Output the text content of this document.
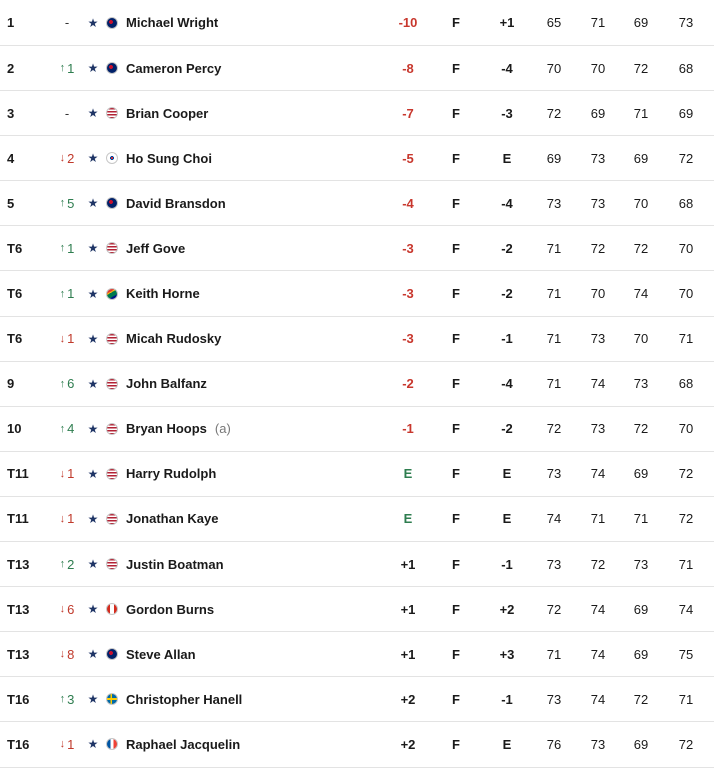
1	-	★ Michael Wright	-10	F	+1	65	71	69	73
2	↑ 1 ★ Cameron Percy	-8	F	-4	70	70	72	68
3	-	★ Brian Cooper	-7	F	-3	72	69	71	69
4	↓ 2 ★ Ho Sung Choi	-5	F	E	69	73	69	72
5	↑ 5 ★ David Bransdon	-4	F	-4	73	73	70	68
T6	↑ 1 ★ Jeff Gove	-3	F	-2	71	72	72	70
T6	↑ 1 ★ Keith Horne	-3	F	-2	71	70	74	70
T6	↓ 1 ★ Micah Rudosky	-3	F	-1	71	73	70	71
9	↑ 6 ★ John Balfanz	-2	F	-4	71	74	73	68
10	↑ 4 ★ Bryan Hoops (a)	-1	F	-2	72	73	72	70
T11	↓ 1 ★ Harry Rudolph	E	F	E	73	74	69	72
T11	↓ 1 ★ Jonathan Kaye	E	F	E	74	71	71	72
T13	↑ 2 ★ Justin Boatman	+1	F	-1	73	72	73	71
T13	↓ 6 ★ Gordon Burns	+1	F	+2	72	74	69	74
T13	↓ 8 ★ Steve Allan	+1	F	+3	71	74	69	75
T16	↑ 3 ★ Christopher Hanell	+2	F	-1	73	74	72	71
T16	↓ 1 ★ Raphael Jacquelin	+2	F	E	76	73	69	72
